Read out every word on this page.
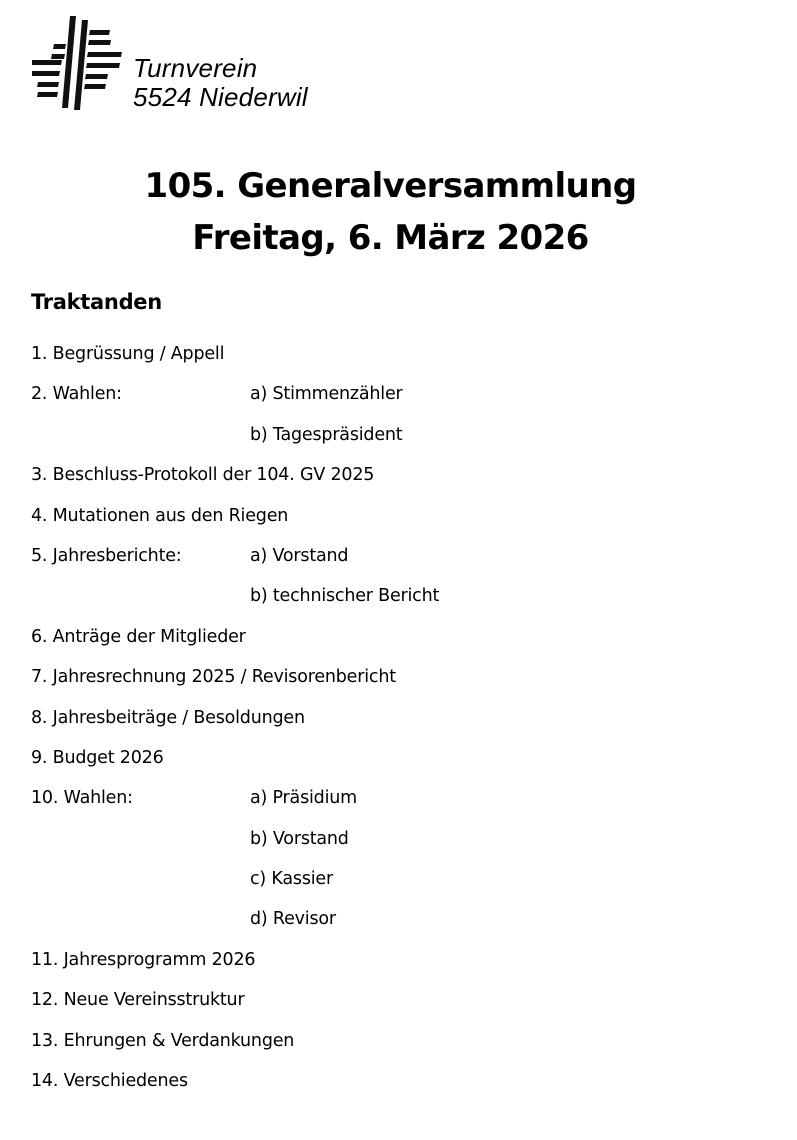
Turnverein
5524 Niederwil
105. Generalversammlung
Freitag, 6. März 2026
Traktanden
1. Begrüssung / Appell
2. Wahlen:	a) Stimmenzähler
b) Tagespräsident
3. Beschluss-Protokoll der 104. GV 2025
4. Mutationen aus den Riegen
5. Jahresberichte:	a) Vorstand
b) technischer Bericht
6. Anträge der Mitglieder
7. Jahresrechnung 2025 / Revisorenbericht
8. Jahresbeiträge / Besoldungen
9. Budget 2026
10. Wahlen:	a) Präsidium
b) Vorstand
c) Kassier
d) Revisor
11. Jahresprogramm 2026
12. Neue Vereinsstruktur
13. Ehrungen & Verdankungen
14. Verschiedenes
